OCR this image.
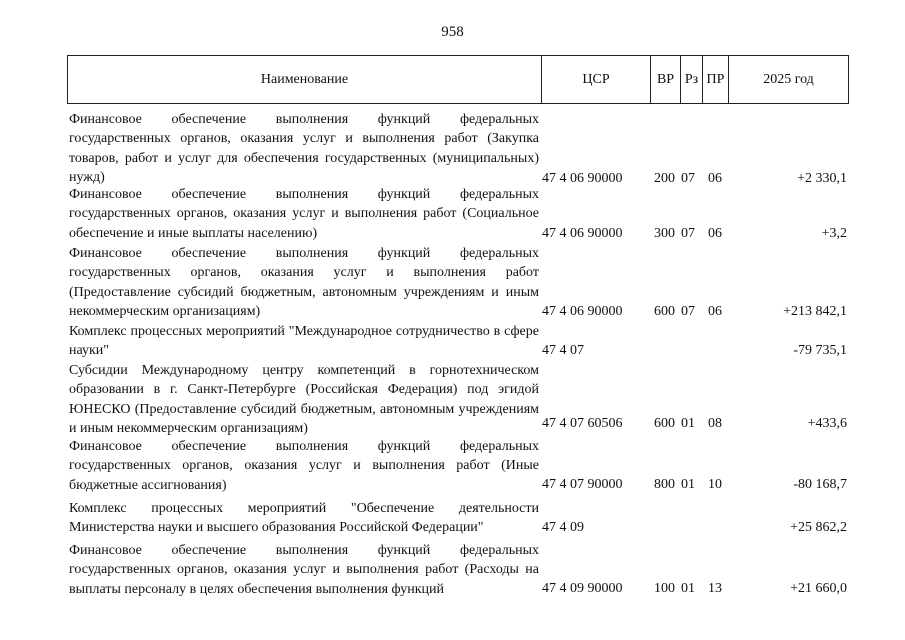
958
Наименование	ЦСР	ВР Рз ПР	2025 год
Финансовое обеспечение выполнения функций федеральных государственных органов, оказания услуг и выполнения работ (Закупка товаров, работ и услуг для обеспечения государственных (муниципальных) нужд)	47 4 06 90000 200 07 06	+2 330,1
Финансовое обеспечение выполнения функций федеральных государственных органов, оказания услуг и выполнения работ (Социальное обеспечение и иные выплаты населению)	47 4 06 90000 300 07 06	+3,2
Финансовое обеспечение выполнения функций федеральных государственных органов, оказания услуг и выполнения работ (Предоставление субсидий бюджетным, автономным учреждениям и иным некоммерческим организациям)	47 4 06 90000 600 07 06	+213 842,1
Комплекс процессных мероприятий "Международное сотрудничество в сфере науки"	47 4 07	-79 735,1
Субсидии Международному центру компетенций в горнотехническом образовании в г. Санкт-Петербурге (Российская Федерация) под эгидой ЮНЕСКО (Предоставление субсидий бюджетным, автономным учреждениям и иным некоммерческим организациям)	47 4 07 60506 600 01 08	+433,6
Финансовое обеспечение выполнения функций федеральных государственных органов, оказания услуг и выполнения работ (Иные бюджетные ассигнования)	47 4 07 90000 800 01 10	-80 168,7
Комплекс процессных мероприятий "Обеспечение деятельности Министерства науки и высшего образования Российской Федерации"	47 4 09	+25 862,2
Финансовое обеспечение выполнения функций федеральных государственных органов, оказания услуг и выполнения работ (Расходы на выплаты персоналу в целях обеспечения выполнения функций	47 4 09 90000 100 01 13	+21 660,0
